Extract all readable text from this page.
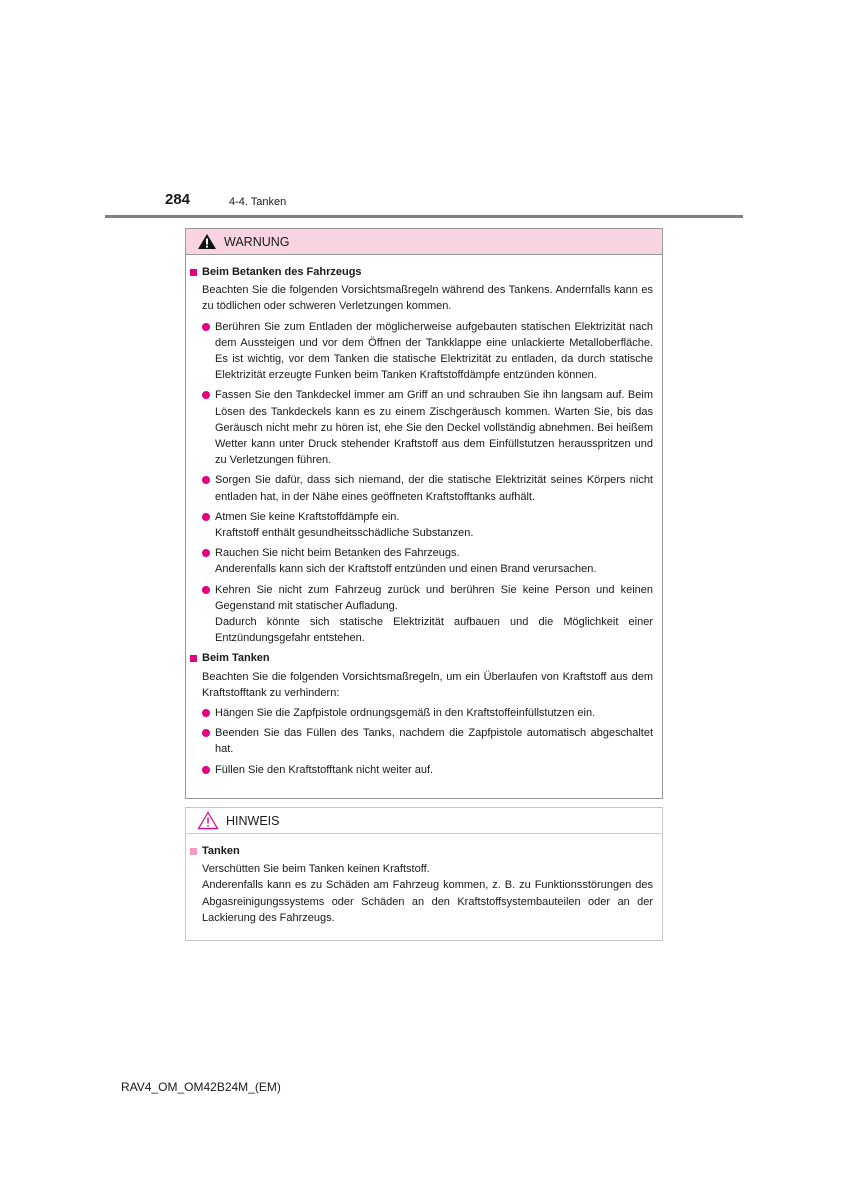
284	4-4. Tanken
WARNUNG
Beim Betanken des Fahrzeugs
Beachten Sie die folgenden Vorsichtsmaßregeln während des Tankens. Andernfalls kann es zu tödlichen oder schweren Verletzungen kommen.
Berühren Sie zum Entladen der möglicherweise aufgebauten statischen Elektrizität nach dem Aussteigen und vor dem Öffnen der Tankklappe eine unlackierte Metalloberfläche. Es ist wichtig, vor dem Tanken die statische Elektrizität zu entladen, da durch statische Elektrizität erzeugte Funken beim Tanken Kraftstoffdämpfe entzünden können.
Fassen Sie den Tankdeckel immer am Griff an und schrauben Sie ihn langsam auf. Beim Lösen des Tankdeckels kann es zu einem Zischgeräusch kommen. Warten Sie, bis das Geräusch nicht mehr zu hören ist, ehe Sie den Deckel vollständig abnehmen. Bei heißem Wetter kann unter Druck stehender Kraftstoff aus dem Einfüllstutzen herausspritzen und zu Verletzungen führen.
Sorgen Sie dafür, dass sich niemand, der die statische Elektrizität seines Körpers nicht entladen hat, in der Nähe eines geöffneten Kraftstofftanks aufhält.
Atmen Sie keine Kraftstoffdämpfe ein.
Kraftstoff enthält gesundheitsschädliche Substanzen.
Rauchen Sie nicht beim Betanken des Fahrzeugs.
Anderenfalls kann sich der Kraftstoff entzünden und einen Brand verursachen.
Kehren Sie nicht zum Fahrzeug zurück und berühren Sie keine Person und keinen Gegenstand mit statischer Aufladung.
Dadurch könnte sich statische Elektrizität aufbauen und die Möglichkeit einer Entzündungsgefahr entstehen.
Beim Tanken
Beachten Sie die folgenden Vorsichtsmaßregeln, um ein Überlaufen von Kraftstoff aus dem Kraftstofftank zu verhindern:
Hängen Sie die Zapfpistole ordnungsgemäß in den Kraftstoffeinfüllstutzen ein.
Beenden Sie das Füllen des Tanks, nachdem die Zapfpistole automatisch abgeschaltet hat.
Füllen Sie den Kraftstofftank nicht weiter auf.
HINWEIS
Tanken
Verschütten Sie beim Tanken keinen Kraftstoff.
Anderenfalls kann es zu Schäden am Fahrzeug kommen, z. B. zu Funktionsstörungen des Abgasreinigungssystems oder Schäden an den Kraftstoffsystembauteilen oder an der Lackierung des Fahrzeugs.
RAV4_OM_OM42B24M_(EM)
